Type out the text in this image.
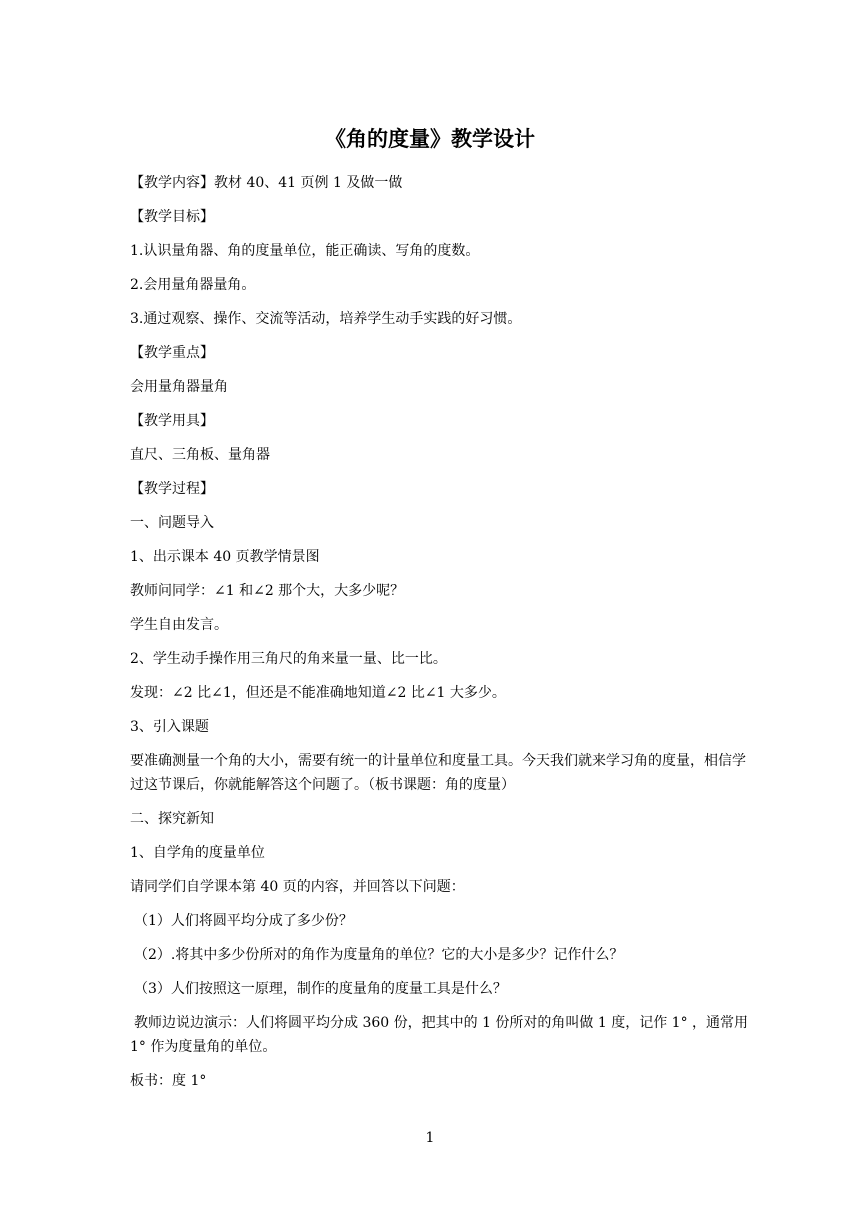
《角的度量》教学设计

【教学内容】教材 40、41 页例 1 及做一做

【教学目标】

1.认识量角器、角的度量单位，能正确读、写角的度数。

2.会用量角器量角。

3.通过观察、操作、交流等活动，培养学生动手实践的好习惯。

【教学重点】

会用量角器量角

【教学用具】

直尺、三角板、量角器

【教学过程】

一、问题导入

1、出示课本 40 页教学情景图

教师问同学：∠1 和∠2 那个大，大多少呢？

学生自由发言。

2、学生动手操作用三角尺的角来量一量、比一比。

发现：∠2 比∠1，但还是不能准确地知道∠2 比∠1 大多少。

3、引入课题

要准确测量一个角的大小，需要有统一的计量单位和度量工具。今天我们就来学习角的度量，相信学过这节课后，你就能解答这个问题了。（板书课题：角的度量）

二、探究新知

1、自学角的度量单位

请同学们自学课本第 40 页的内容，并回答以下问题：

（1）人们将圆平均分成了多少份？

（2）.将其中多少份所对的角作为度量角的单位？它的大小是多少？记作什么？

（3）人们按照这一原理，制作的度量角的度量工具是什么？

教师边说边演示：人们将圆平均分成 360 份，把其中的 1 份所对的角叫做 1 度，记作 1° ，通常用 1° 作为度量角的单位。

板书：度 1°

1
